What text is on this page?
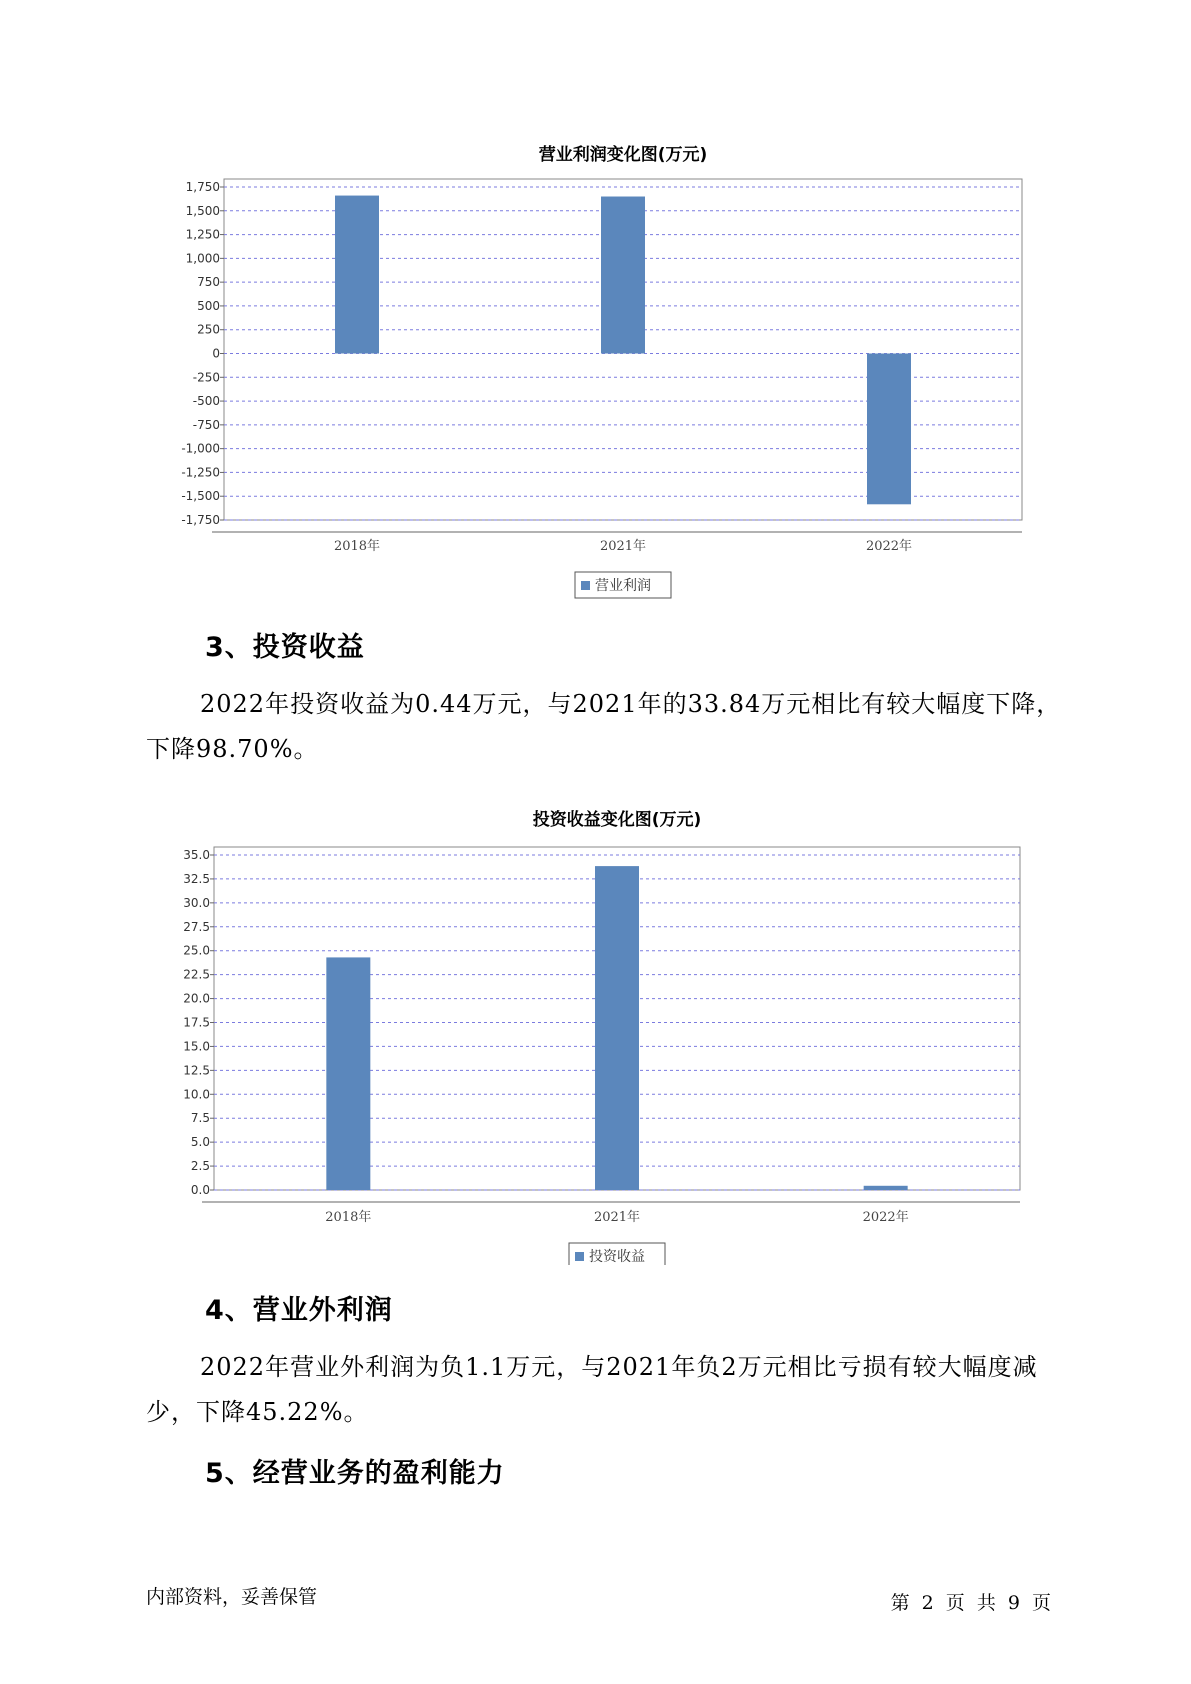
营业利润变化图(万元)
1,750
1,500
1,250
1,000
750
500
250
0
-250
-500
-750
-1,000
-1,250
-1,500
-1,750
2018年	2021年	2022年
营业利润
3、投资收益

2022年投资收益为0.44万元，与2021年的33.84万元相比有较大幅度下降，下降98.70%。

投资收益变化图(万元)
35.0
32.5
30.0
27.5
25.0
22.5
20.0
17.5
15.0
12.5
10.0
7.5
5.0
2.5
0.0
2018年	2021年	2022年
投资收益
4、营业外利润

2022年营业外利润为负1.1万元，与2021年负2万元相比亏损有较大幅度减少，下降45.22%。

5、经营业务的盈利能力
内部资料，妥善保管	第 2 页 共 9 页
